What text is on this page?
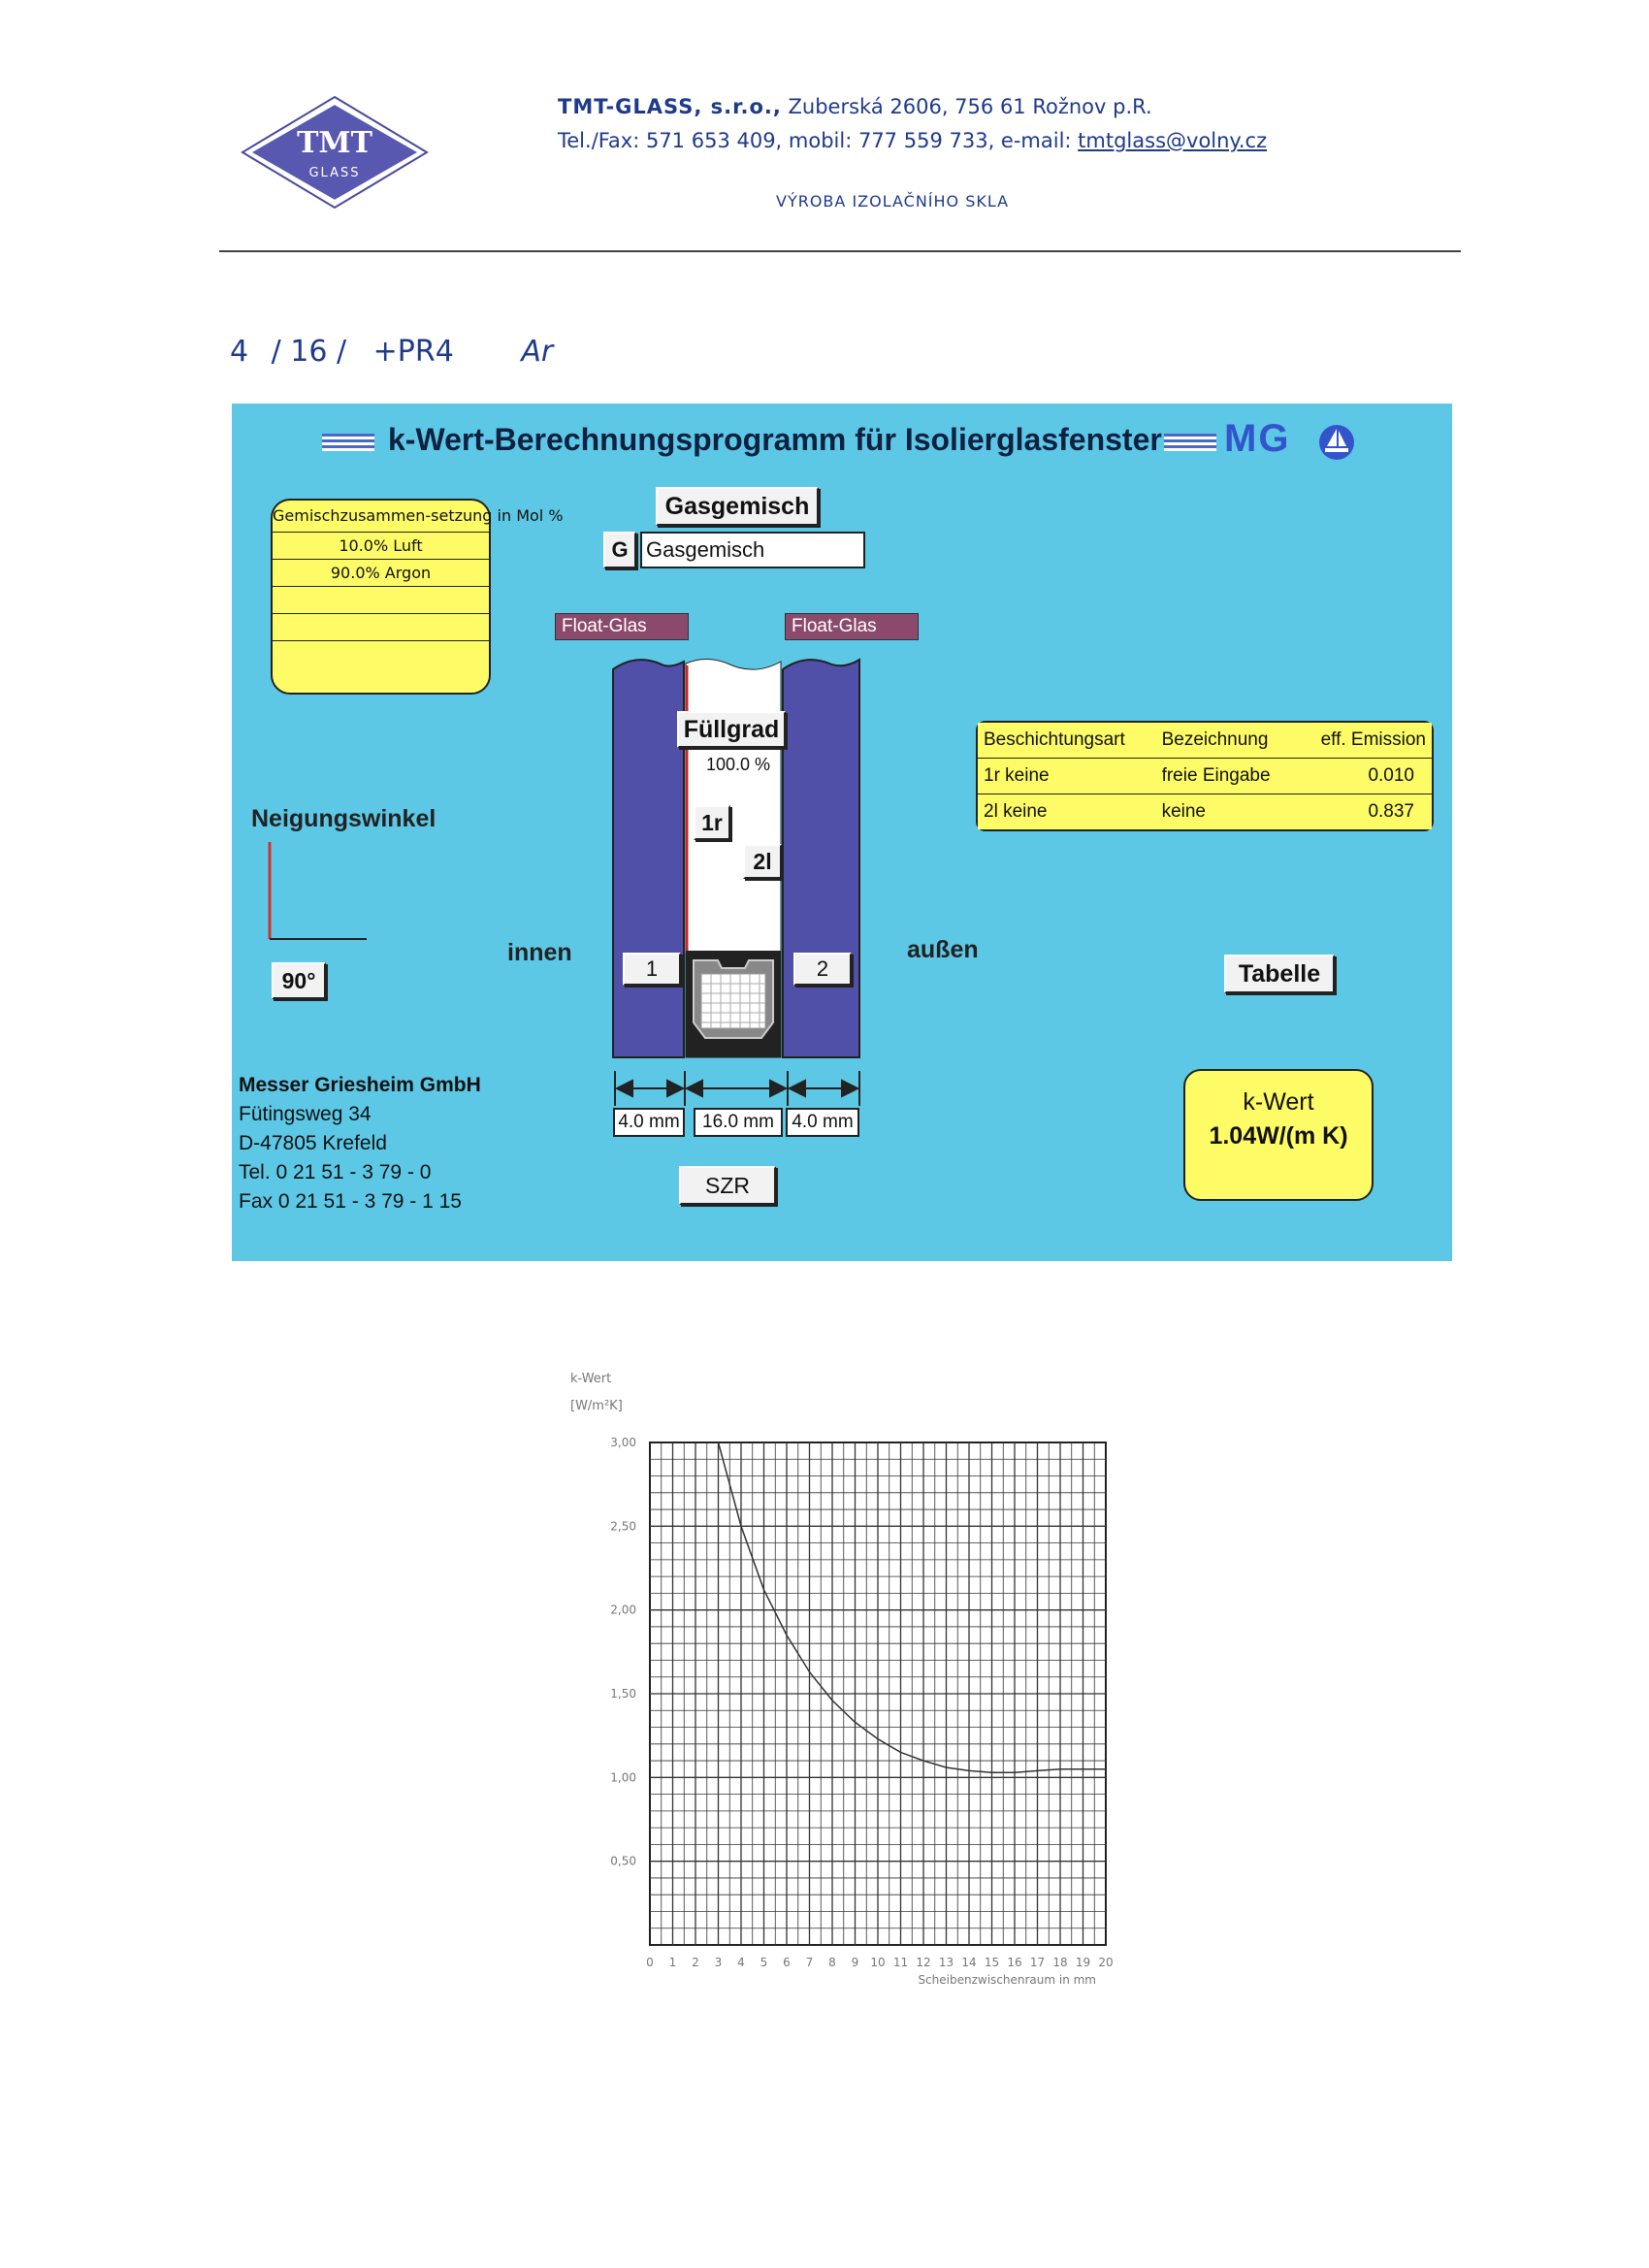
TMT
GLASS
TMT-GLASS, s.r.o., Zuberská 2606, 756 61 Rožnov p.R.
Tel./Fax: 571 653 409, mobil: 777 559 733, e-mail: tmtglass@volny.cz
VÝROBA IZOLAČNÍHO SKLA
4 / 16 / +PR4 Ar
k-Wert-Berechnungsprogramm für Isolierglasfenster MG
Gemischzusammen-setzung in Mol %
10.0% Luft
90.0% Argon
Gasgemisch
G Gasgemisch
Float-Glas	Float-Glas
Füllgrad
100.0 %
1r
2l
1	2
Neigungswinkel
90°
innen	außen
Beschichtungsart	Bezeichnung	eff. Emission
1r keine	freie Eingabe	0.010
2l keine	keine	0.837
Tabelle
4.0 mm	16.0 mm 4.0 mm
SZR
Messer Griesheim GmbH
Fütingsweg 34
D-47805 Krefeld
Tel. 0 21 51 - 3 79 - 0
Fax 0 21 51 - 3 79 - 1 15
k-Wert
1.04W/(m K)
k-Wert
[W/m²K]
3,00
2,50
2,00
1,50
1,00
0,50
0 1 2 3 4 5 6 7 8 9 10 11 12 13 14 15 16 17 18 19 20
Scheibenzwischenraum in mm
